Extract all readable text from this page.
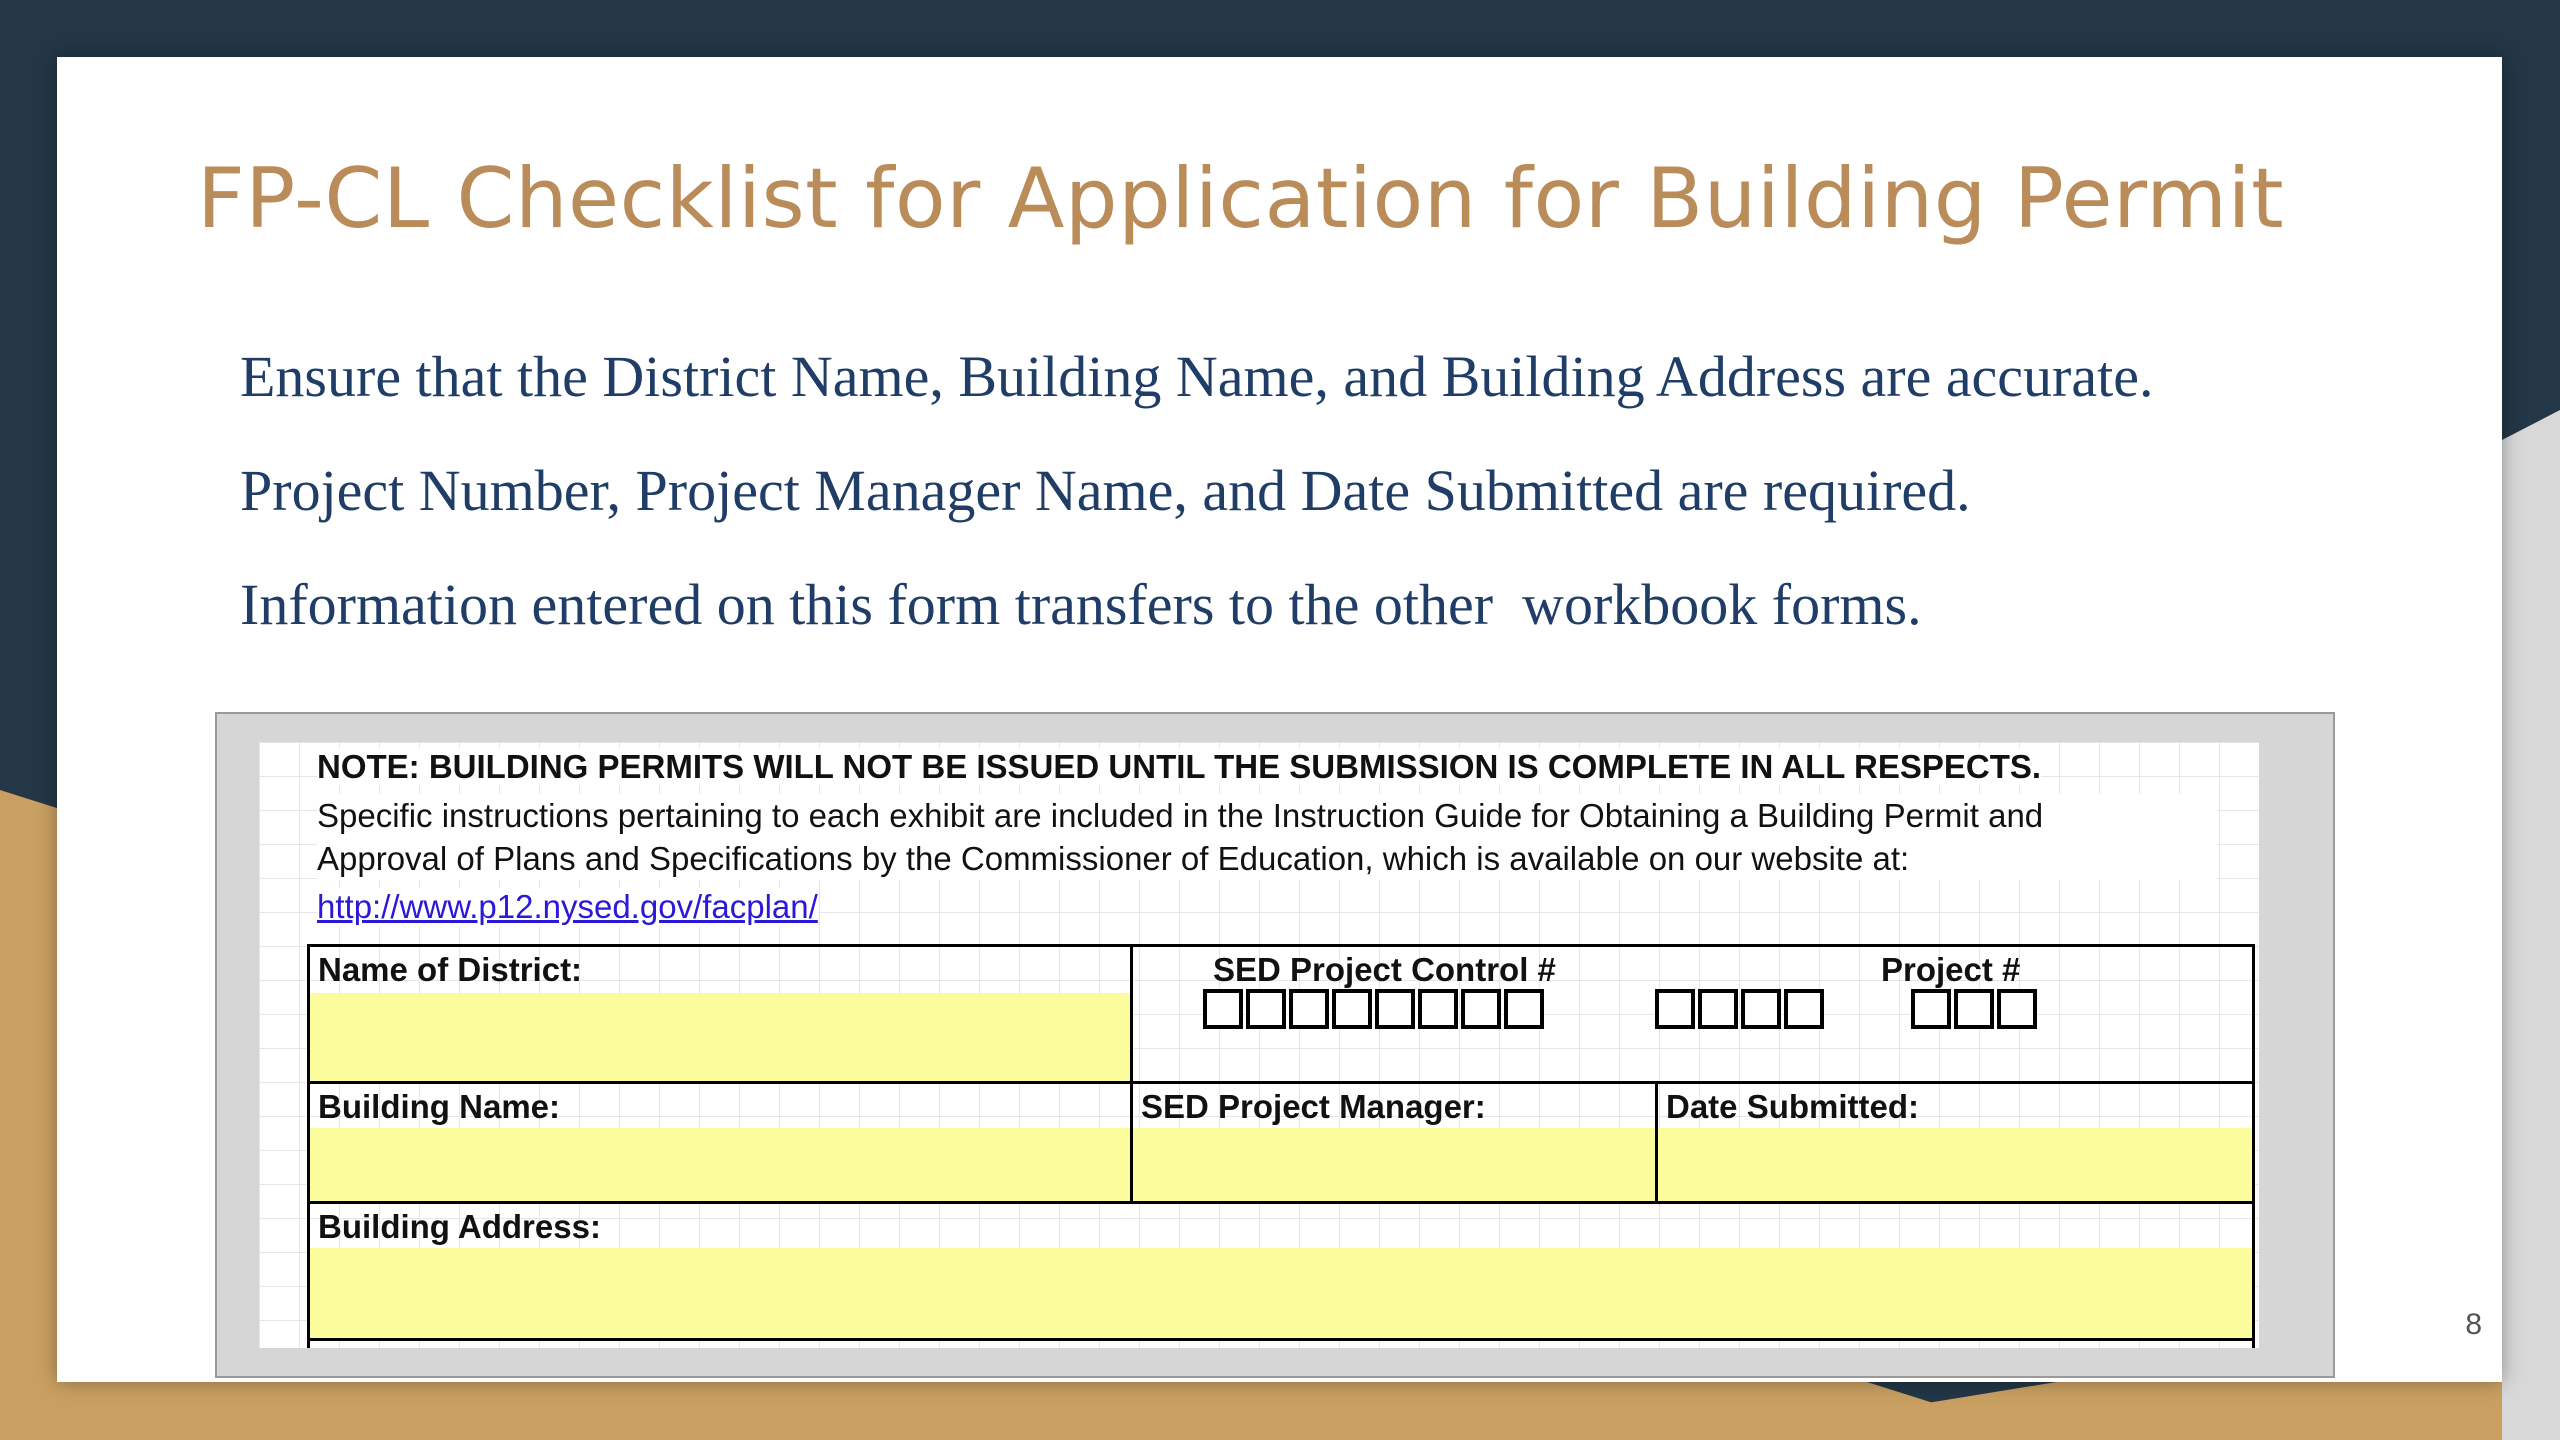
FP-CL Checklist for Application for Building Permit
Ensure that the District Name, Building Name, and Building Address are accurate.
Project Number, Project Manager Name, and Date Submitted are required.
Information entered on this form transfers to the other  workbook forms.
NOTE: BUILDING PERMITS WILL NOT BE ISSUED UNTIL THE SUBMISSION IS COMPLETE IN ALL RESPECTS.
Specific instructions pertaining to each exhibit are included in the Instruction Guide for Obtaining a Building Permit and
Approval of Plans and Specifications by the Commissioner of Education, which is available on our website at:
http://www.p12.nysed.gov/facplan/
Name of District:	SED Project Control #	Project #
Building Name:	SED Project Manager:	Date Submitted:
Building Address:
8
